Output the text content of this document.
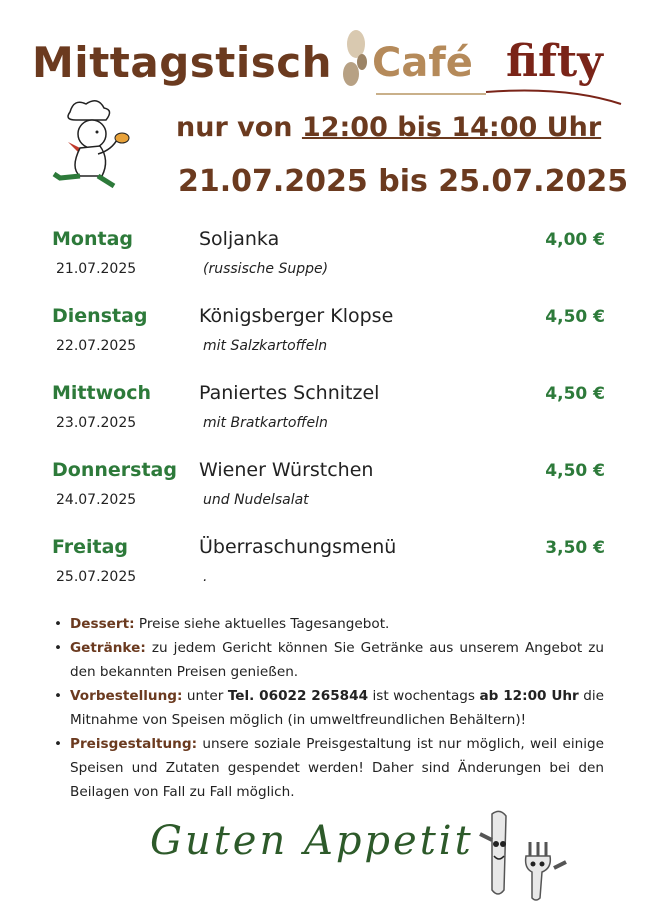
Mittagstisch Café fifty
nur von 12:00 bis 14:00 Uhr
21.07.2025 bis 25.07.2025
Montag
21.07.2025
Soljanka
(russische Suppe)
4,00 €
Dienstag
22.07.2025
Königsberger Klopse
mit Salzkartoffeln
4,50 €
Mittwoch
23.07.2025
Paniertes Schnitzel
mit Bratkartoffeln
4,50 €
Donnerstag
24.07.2025
Wiener Würstchen
und Nudelsalat
4,50 €
Freitag
25.07.2025
Überraschungsmenü
.
3,50 €
• Dessert: Preise siehe aktuelles Tagesangebot.
• Getränke: zu jedem Gericht können Sie Getränke aus unserem Angebot zu den bekannten Preisen genießen.
• Vorbestellung: unter Tel. 06022 265844 ist wochentags ab 12:00 Uhr die Mitnahme von Speisen möglich (in umweltfreundlichen Behältern)!
• Preisgestaltung: unsere soziale Preisgestaltung ist nur möglich, weil einige Speisen und Zutaten gespendet werden! Daher sind Änderungen bei den Beilagen von Fall zu Fall möglich.
Guten Appetit
